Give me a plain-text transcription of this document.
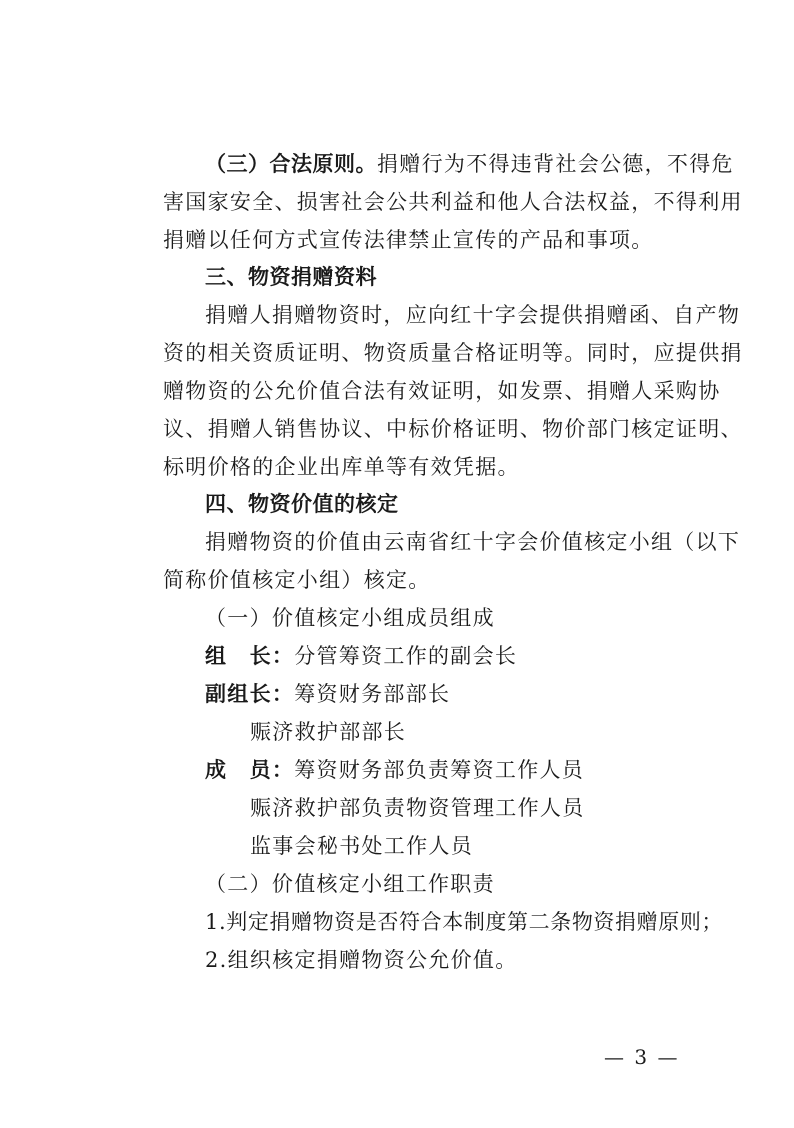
（三）合法原则。捐赠行为不得违背社会公德，不得危
害国家安全、损害社会公共利益和他人合法权益，不得利用
捐赠以任何方式宣传法律禁止宣传的产品和事项。
三、物资捐赠资料
捐赠人捐赠物资时，应向红十字会提供捐赠函、自产物
资的相关资质证明、物资质量合格证明等。同时，应提供捐
赠物资的公允价值合法有效证明，如发票、捐赠人采购协
议、捐赠人销售协议、中标价格证明、物价部门核定证明、
标明价格的企业出库单等有效凭据。
四、物资价值的核定
捐赠物资的价值由云南省红十字会价值核定小组（以下
简称价值核定小组）核定。
（一）价值核定小组成员组成
组　长：分管筹资工作的副会长
副组长：筹资财务部部长
赈济救护部部长
成　员：筹资财务部负责筹资工作人员
赈济救护部负责物资管理工作人员
监事会秘书处工作人员
（二）价值核定小组工作职责
1.判定捐赠物资是否符合本制度第二条物资捐赠原则；
2.组织核定捐赠物资公允价值。
— 3 —
